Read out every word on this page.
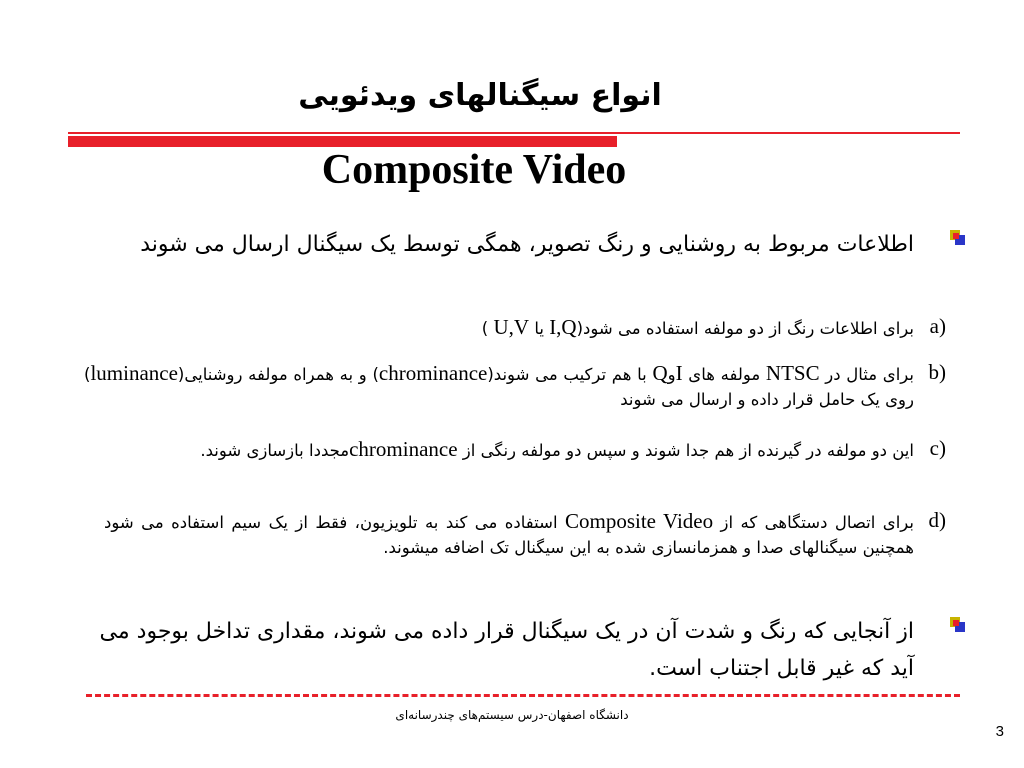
انواع سیگنالهای ویدئویی
Composite Video
اطلاعات مربوط به روشنایی و رنگ تصویر، همگی توسط یک سیگنال ارسال می شوند
a)
برای اطلاعات رنگ از دو مولفه استفاده می شود(I,Q یا U,V )
b)
برای مثال در NTSC مولفه های IوQ با هم ترکیب می شوند(chrominance) و به همراه مولفه روشنایی(luminance) روی یک حامل قرار داده و ارسال می شوند
c)
این دو مولفه در گیرنده از هم جدا شوند و سپس دو مولفه رنگی از chrominanceمجددا بازسازی شوند.
d)
برای اتصال دستگاهی که از Composite Video استفاده می کند به تلویزیون، فقط از یک سیم استفاده می شود همچنین سیگنالهای صدا و همزمانسازی شده به این سیگنال تک اضافه میشوند.
از آنجایی که رنگ و شدت آن در یک سیگنال قرار داده می شوند، مقداری تداخل بوجود می آید که غیر قابل اجتناب است.
دانشگاه اصفهان-درس سیستم‌های چندرسانه‌ای
3
